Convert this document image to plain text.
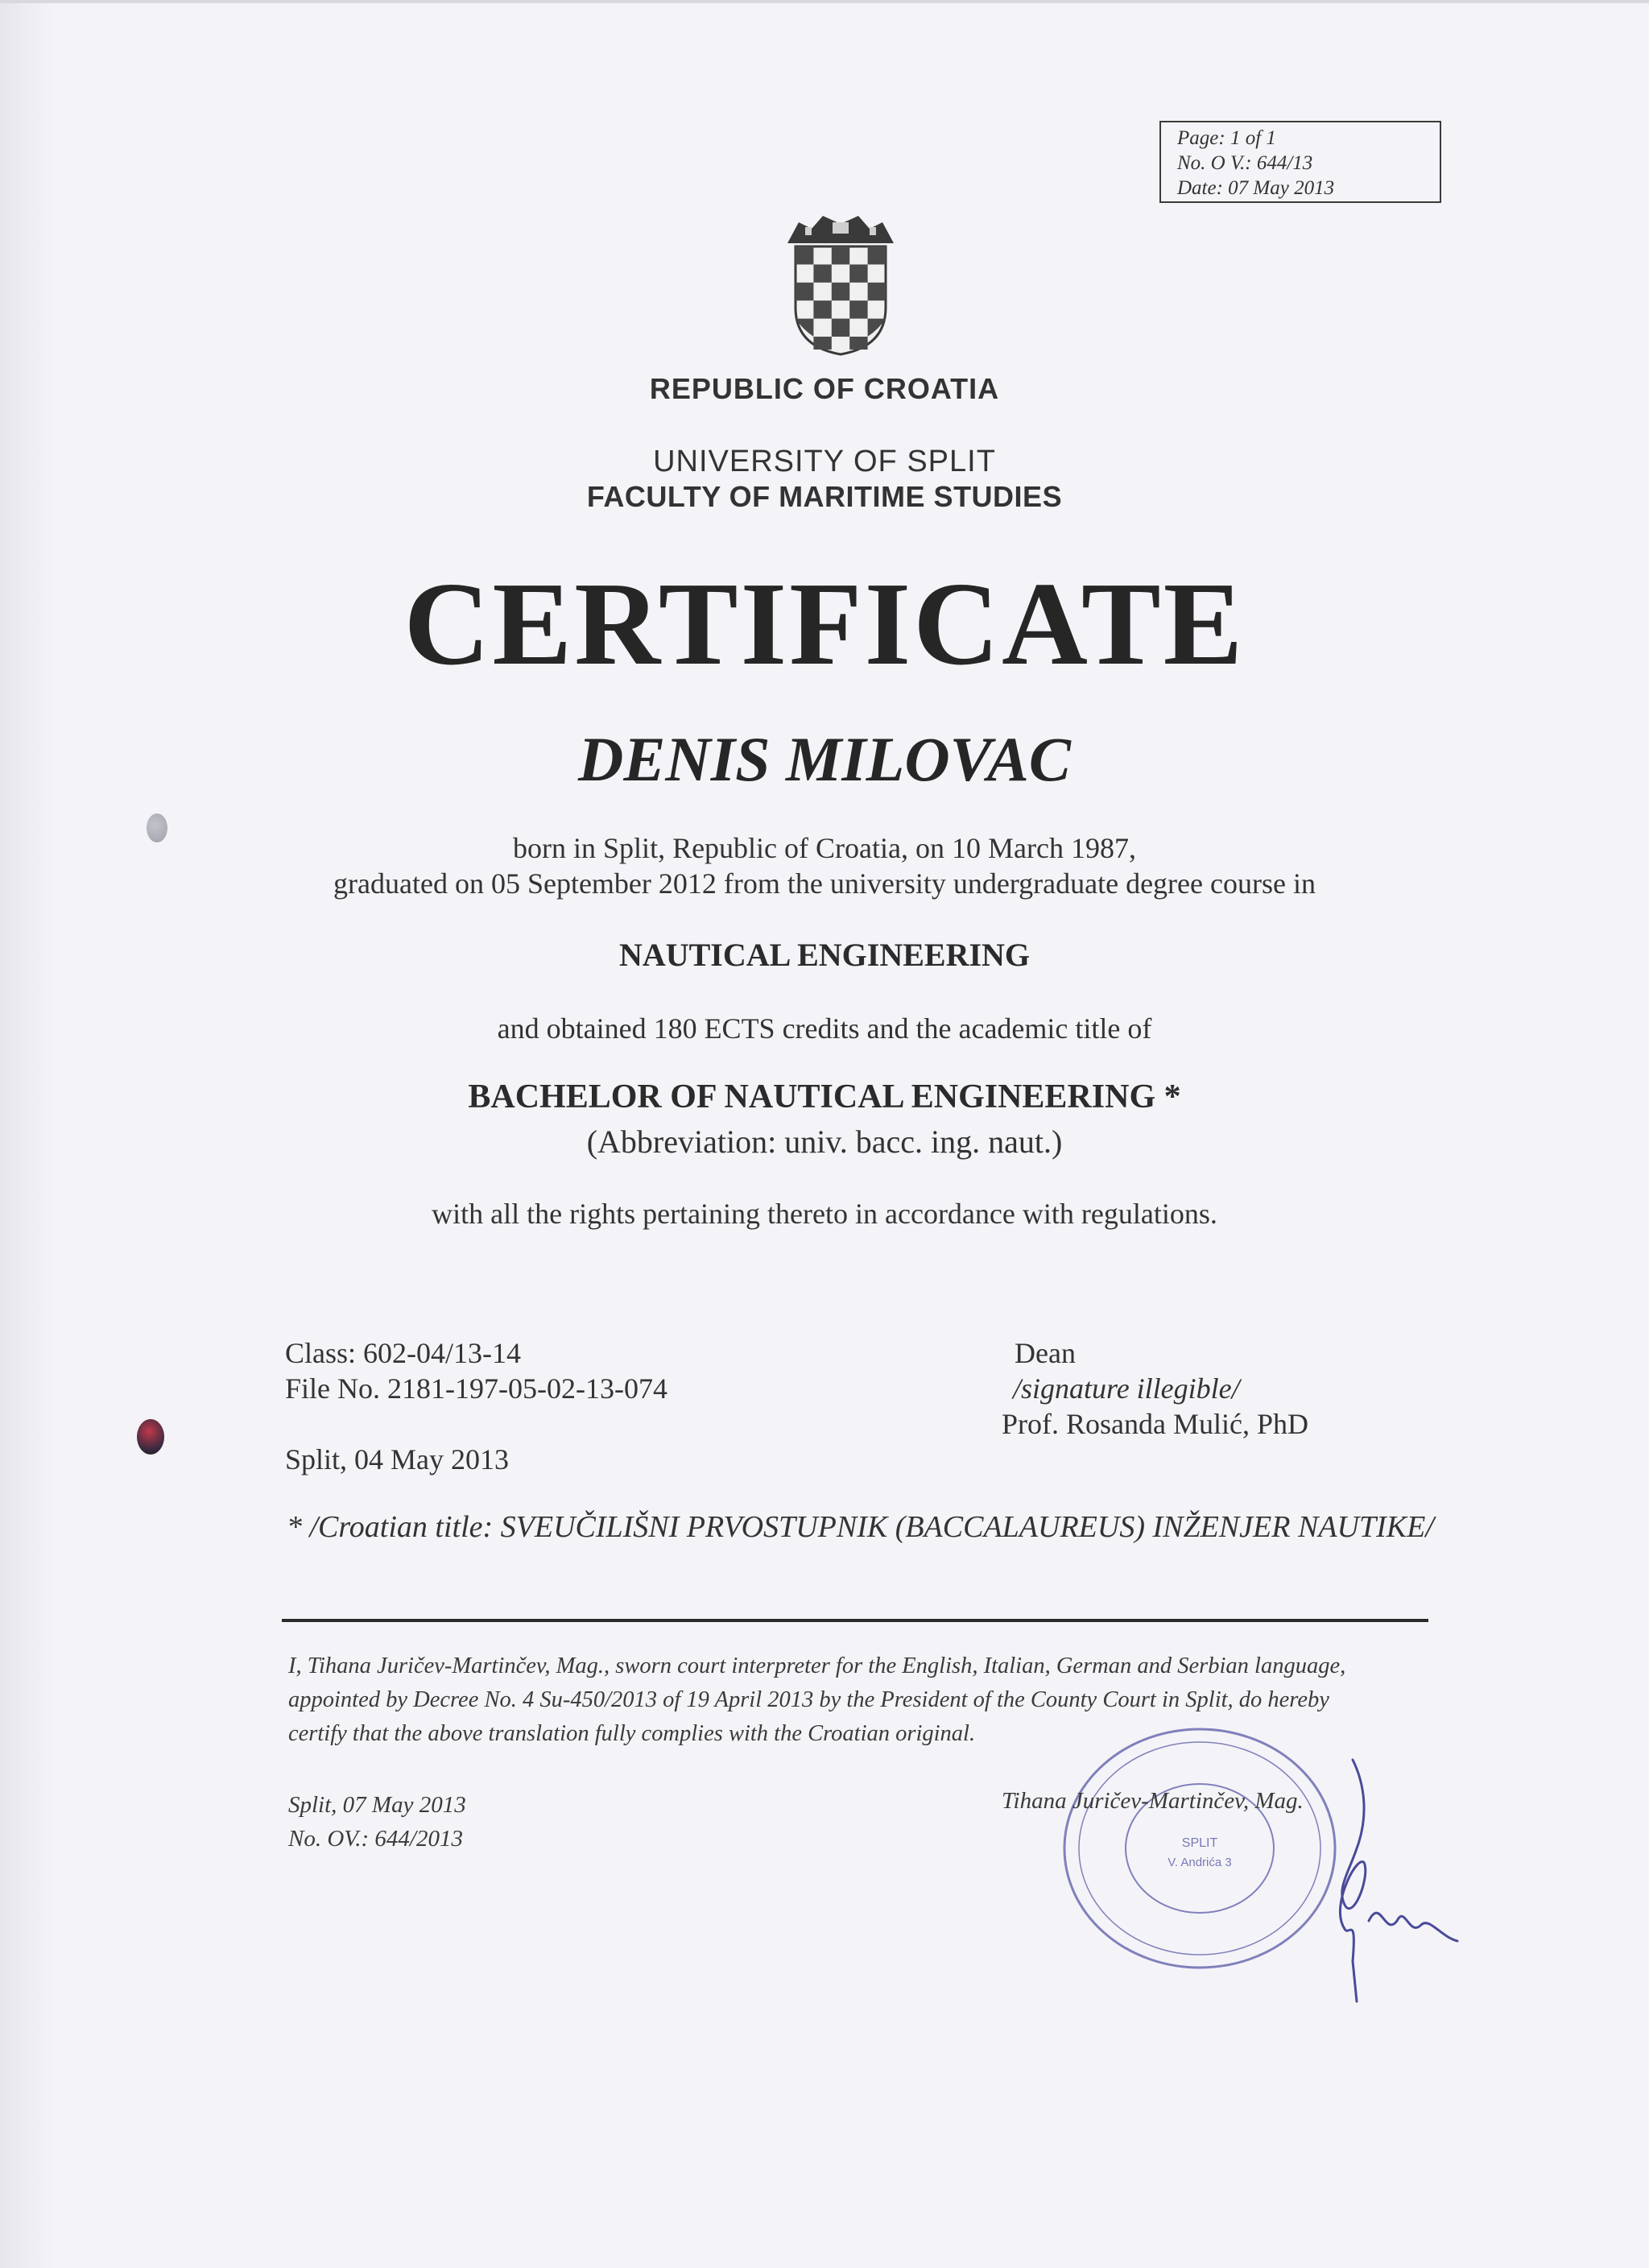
Page: 1 of 1
No. O V.: 644/13
Date: 07 May 2013
REPUBLIC OF CROATIA
UNIVERSITY OF SPLIT
FACULTY OF MARITIME STUDIES
CERTIFICATE
DENIS MILOVAC
born in Split, Republic of Croatia, on 10 March 1987,
graduated on 05 September 2012 from the university undergraduate degree course in
NAUTICAL ENGINEERING
and obtained 180 ECTS credits and the academic title of
BACHELOR OF NAUTICAL ENGINEERING *
(Abbreviation: univ. bacc. ing. naut.)
with all the rights pertaining thereto in accordance with regulations.
Class: 602-04/13-14
File No. 2181-197-05-02-13-074
Split, 04 May 2013
Dean
/signature illegible/
Prof. Rosanda Mulić, PhD
* /Croatian title: SVEUČILIŠNI PRVOSTUPNIK (BACCALAUREUS) INŽENJER NAUTIKE/
I, Tihana Juričev-Martinčev, Mag., sworn court interpreter for the English, Italian, German and Serbian language,
appointed by Decree No. 4 Su-450/2013 of 19 April 2013 by the President of the County Court in Split, do hereby
certify that the above translation fully complies with the Croatian original.
Split, 07 May 2013
No. OV.: 644/2013	SPLIT
V. Andrića 3
Tihana Juričev-Martinčev, Mag.
